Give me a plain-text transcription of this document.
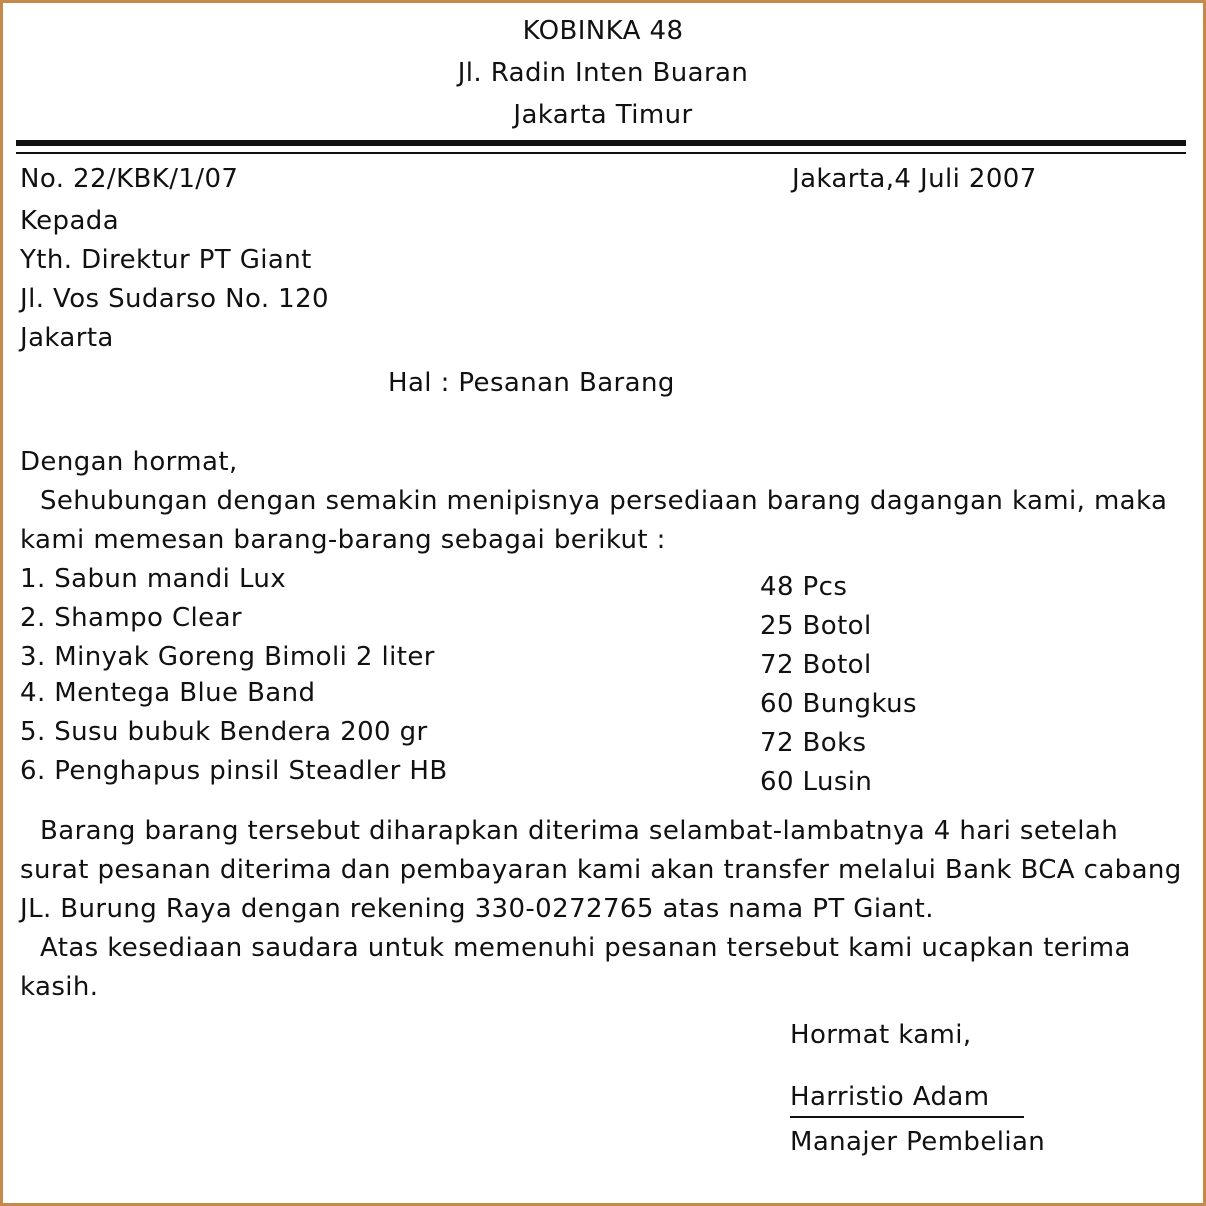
KOBINKA 48
Jl. Radin Inten Buaran
Jakarta Timur
No. 22/KBK/1/07	Jakarta,4 Juli 2007
Kepada
Yth. Direktur PT Giant
Jl. Vos Sudarso No. 120
Jakarta
Hal : Pesanan Barang
Dengan hormat,
Sehubungan dengan semakin menipisnya persediaan barang dagangan kami, maka
kami memesan barang-barang sebagai berikut :
1. Sabun mandi Lux
2. Shampo Clear
3. Minyak Goreng Bimoli 2 liter
4. Mentega Blue Band
5. Susu bubuk Bendera 200 gr
6. Penghapus pinsil Steadler HB
48 Pcs
25 Botol
72 Botol
60 Bungkus
72 Boks
60 Lusin
Barang barang tersebut diharapkan diterima selambat-lambatnya 4 hari setelah
surat pesanan diterima dan pembayaran kami akan transfer melalui Bank BCA cabang
JL. Burung Raya dengan rekening 330-0272765 atas nama PT Giant.
Atas kesediaan saudara untuk memenuhi pesanan tersebut kami ucapkan terima
kasih.
Hormat kami,
Harristio Adam
Manajer Pembelian
